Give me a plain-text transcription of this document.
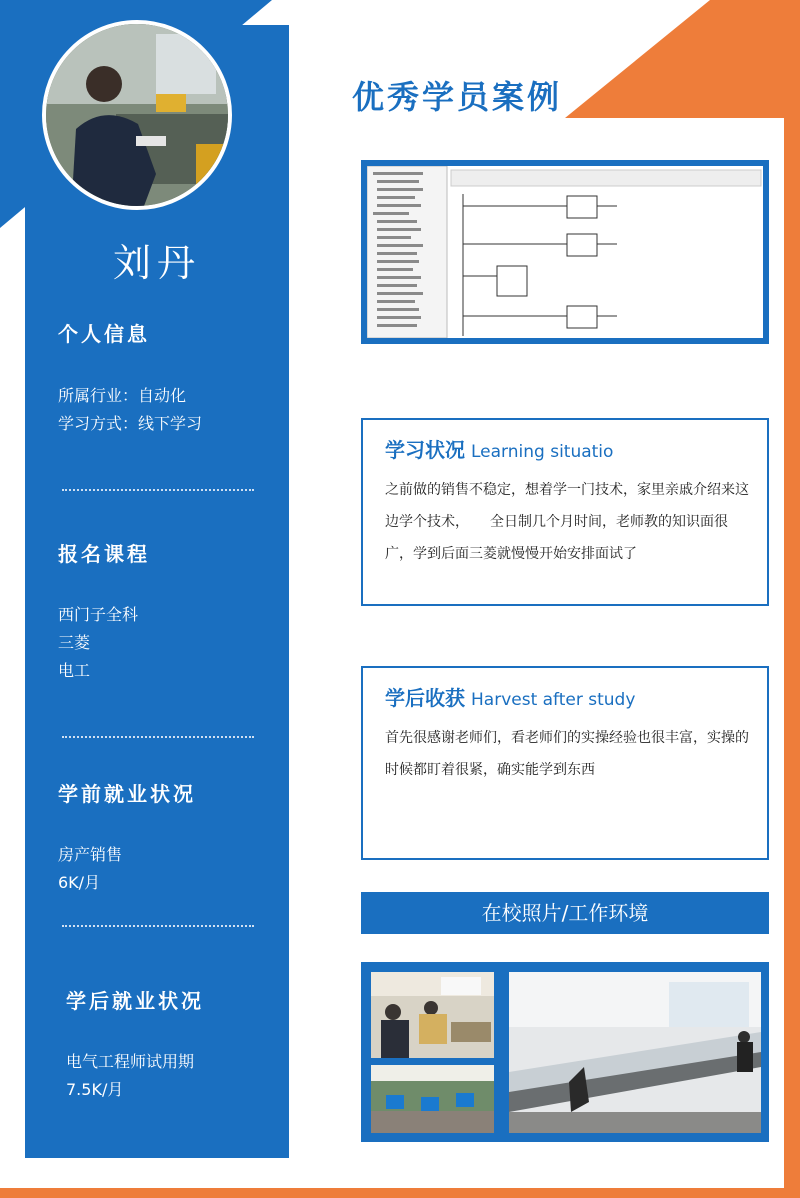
刘丹
个人信息
所属行业：自动化
学习方式：线下学习
报名课程
西门子全科
三菱
电工
学前就业状况
房产销售
6K/月
学后就业状况
电气工程师试用期
7.5K/月
优秀学员案例
学习状况 Learning situatio
之前做的销售不稳定，想着学一门技术，家里亲戚介绍来这边学个技术，　　全日制几个月时间，老师教的知识面很广，学到后面三菱就慢慢开始安排面试了
学后收获 Harvest after study
首先很感谢老师们，看老师们的实操经验也很丰富，实操的时候都盯着很紧，确实能学到东西
在校照片/工作环境
